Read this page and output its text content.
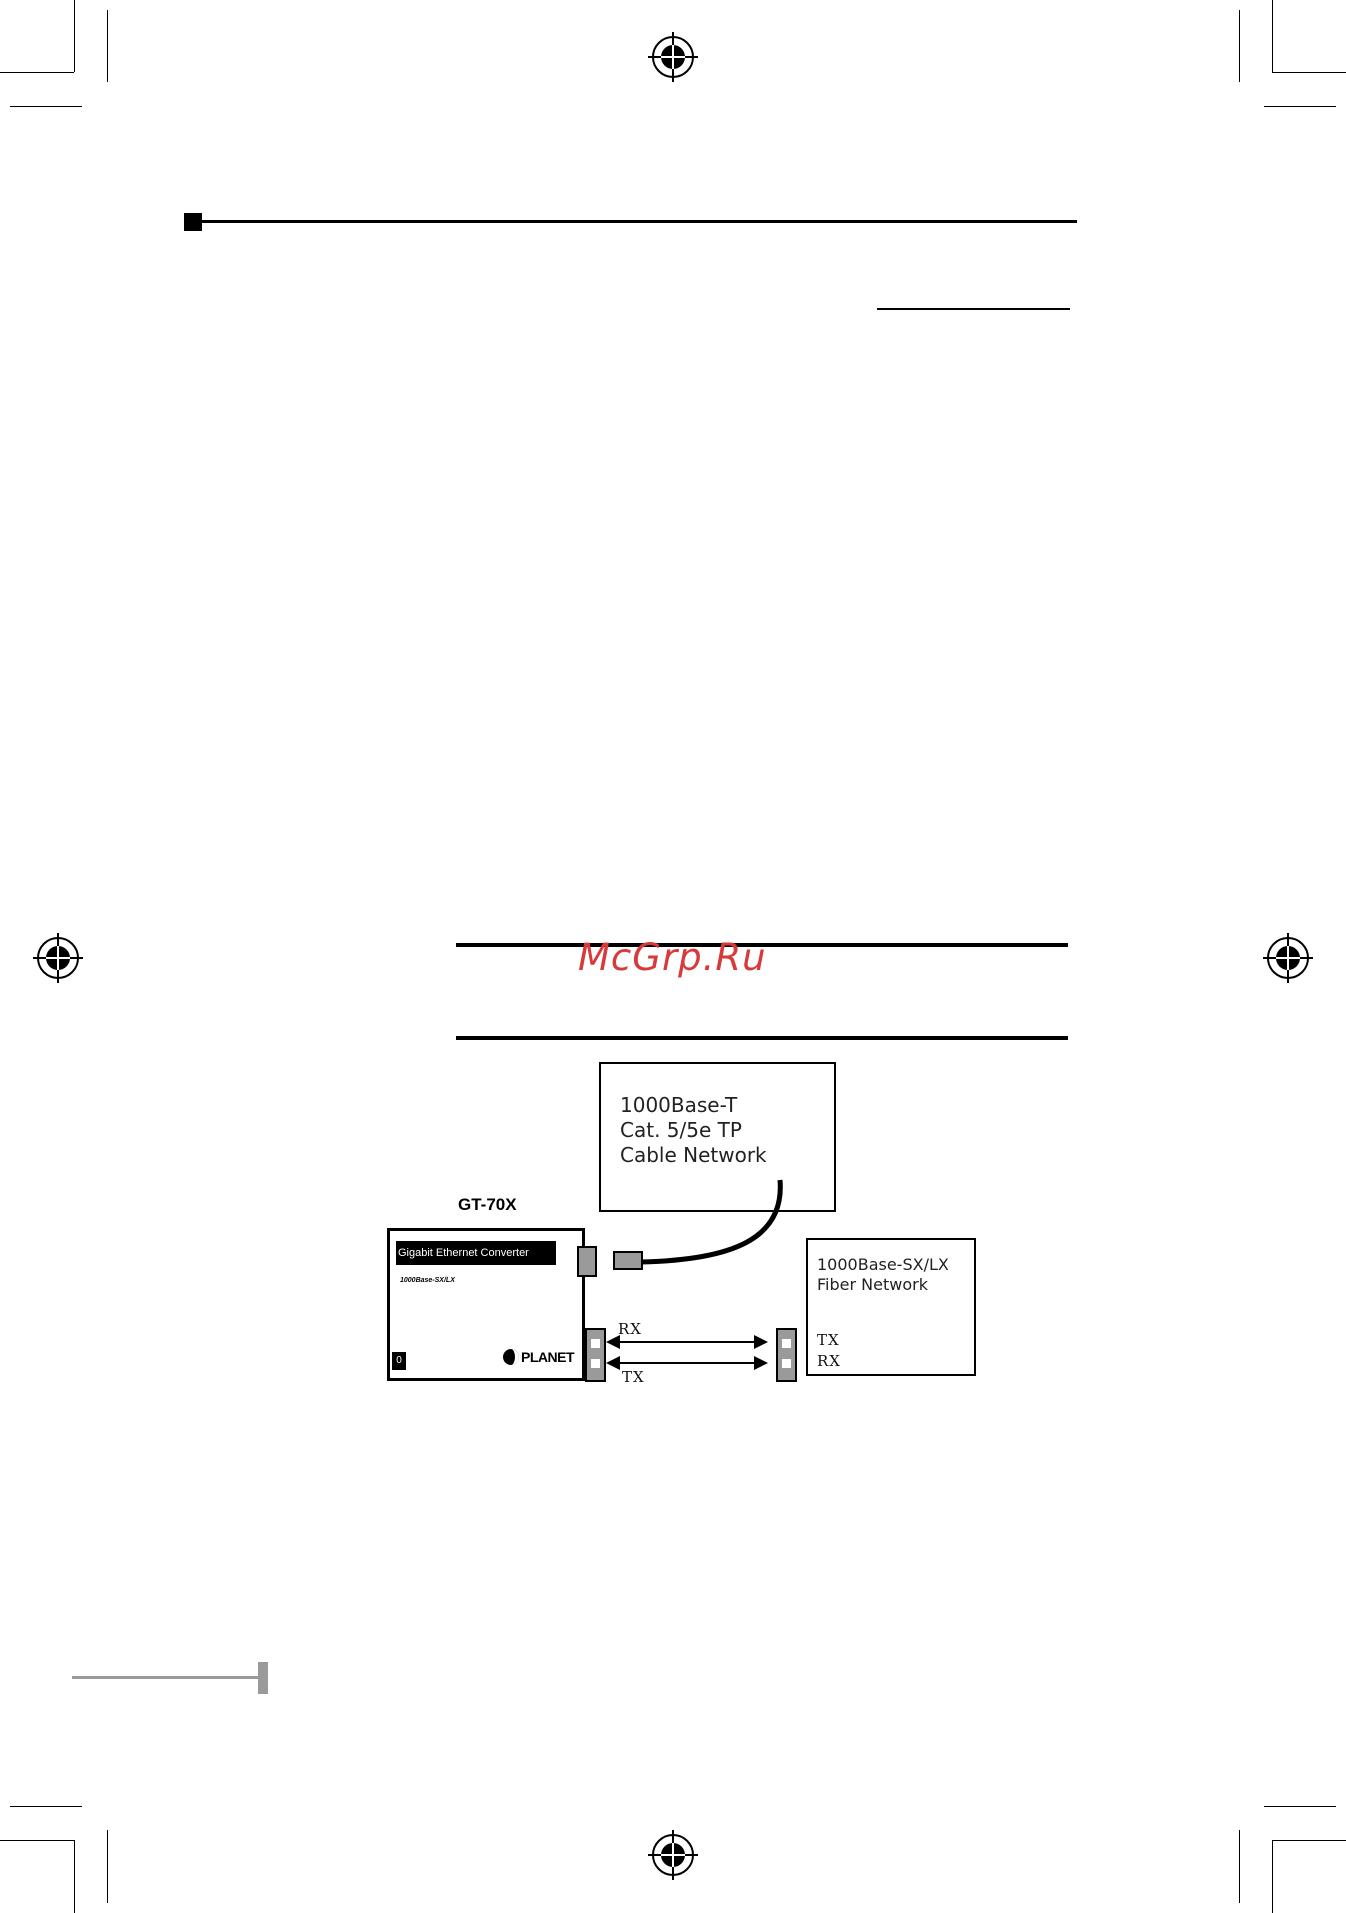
McGrp.Ru
1000Base-T
Cat. 5/5e TP
Cable Network
GT-70X
Gigabit Ethernet Converter
1000Base-SX/LX
0	PLANET
RX
TX
1000Base-SX/LX
Fiber Network
TX
RX
